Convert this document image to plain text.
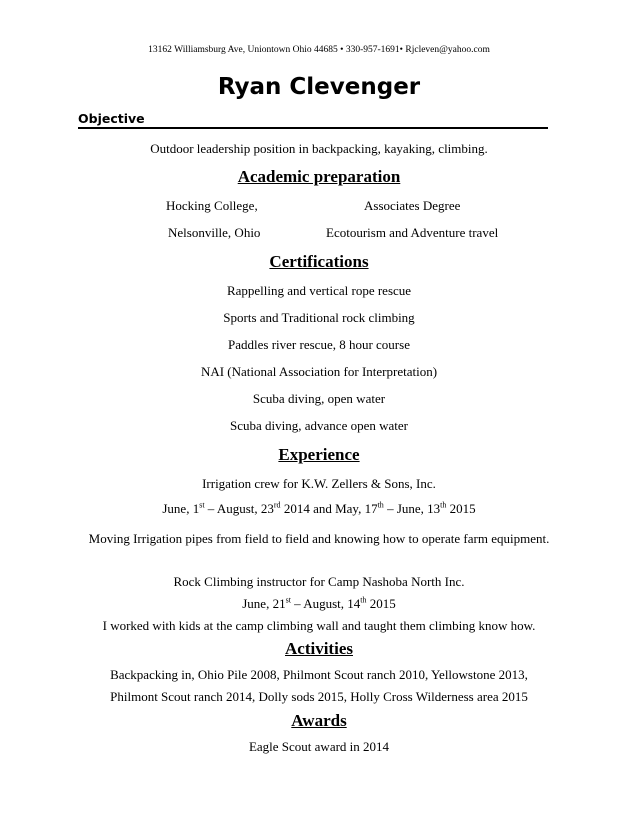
13162 Williamsburg Ave, Uniontown Ohio 44685 • 330-957-1691• Rjcleven@yahoo.com
Ryan Clevenger
Objective
Outdoor leadership position in backpacking, kayaking, climbing.
Academic preparation
Hocking College,	Associates Degree
Nelsonville, Ohio	Ecotourism and Adventure travel
Certifications
Rappelling and vertical rope rescue
Sports and Traditional rock climbing
Paddles river rescue, 8 hour course
NAI (National Association for Interpretation)
Scuba diving, open water
Scuba diving, advance open water
Experience
Irrigation crew for K.W. Zellers & Sons, Inc.
June, 1st – August, 23rd 2014 and May, 17th – June, 13th 2015
Moving Irrigation pipes from field to field and knowing how to operate farm equipment.
Rock Climbing instructor for Camp Nashoba North Inc.
June, 21st – August, 14th 2015
I worked with kids at the camp climbing wall and taught them climbing know how.
Activities
Backpacking in, Ohio Pile 2008, Philmont Scout ranch 2010, Yellowstone 2013,
Philmont Scout ranch 2014, Dolly sods 2015, Holly Cross Wilderness area 2015
Awards
Eagle Scout award in 2014
